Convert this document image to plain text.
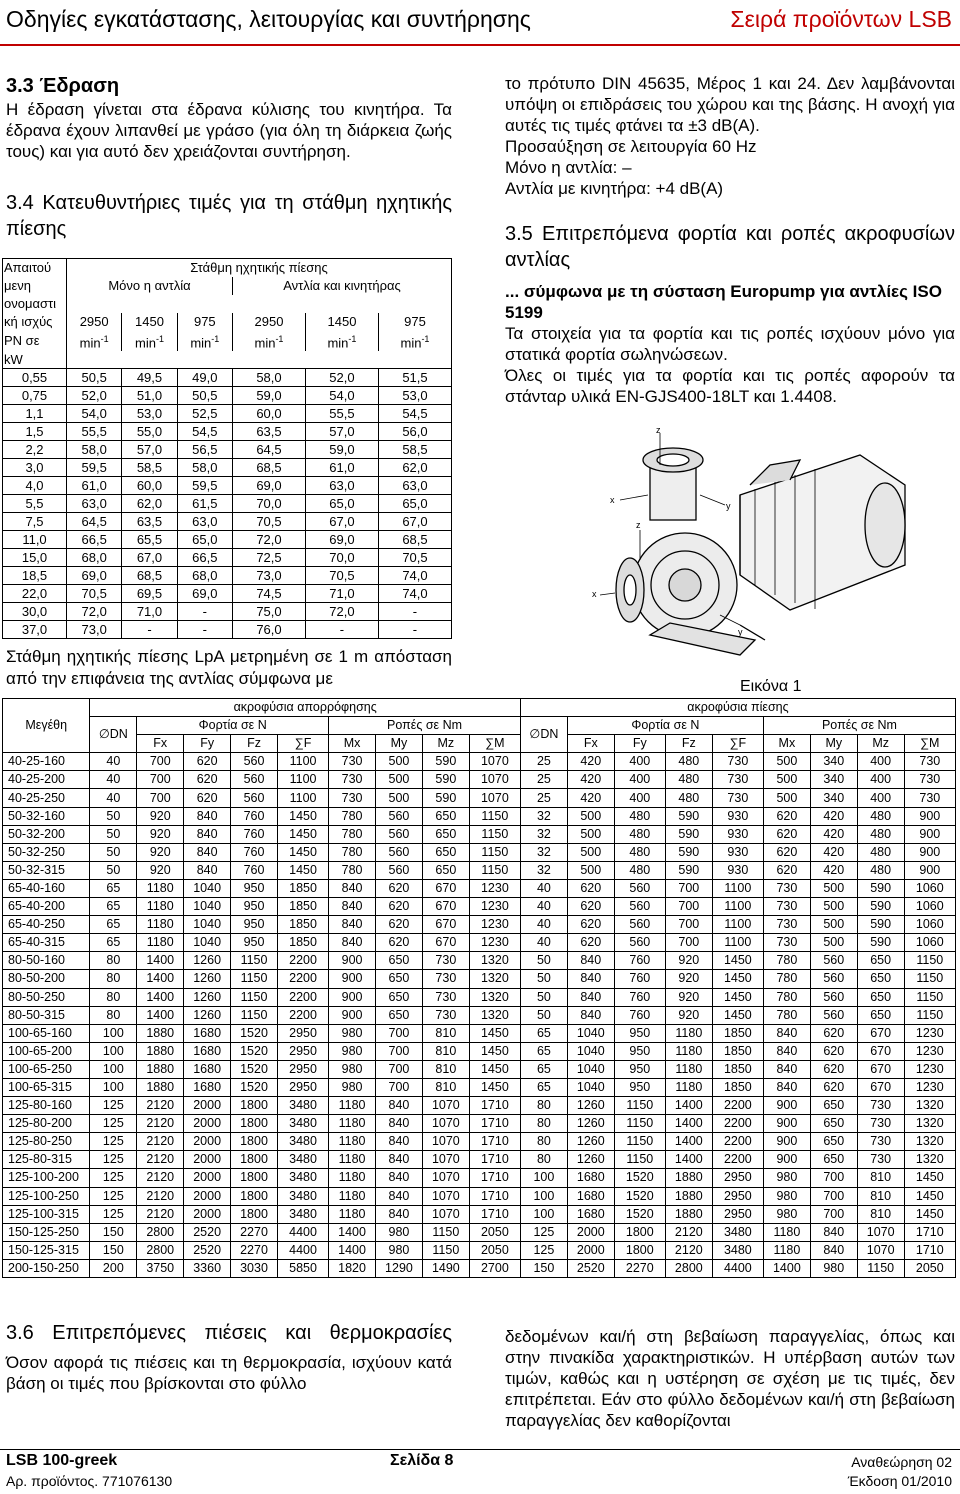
Οδηγίες εγκατάστασης, λειτουργίας και συντήρησης	Σειρά προϊόντων LSB
3.3 Έδραση
Η έδραση γίνεται στα έδρανα κύλισης του κινητήρα. Τα έδρανα έχουν λιπανθεί με γράσο (για όλη τη διάρκεια ζωής τους) και για αυτό δεν χρειάζονται συντήρηση.
3.4 Κατευθυντήριες τιμές για τη στάθμη ηχητικής πίεσης
Απαιτού	Στάθμη ηχητικής πίεσης					
μενη	Μόνο η αντλία			Αντλία και κινητήρας		
ονομαστι						
κή ισχύς	2950	1450	975	2950	1450	975
PN σε	$\min^{-1}$	$\min^{-1}$	$\min^{-1}$	$\min^{-1}$	$\min^{-1}$	$\min^{-1}$
kW						
0,55	50,5	49,5	49,0	58,0	52,0	51,5
0,75	52,0	51,0	50,5	59,0	54,0	53,0
1,1	54,0	53,0	52,5	60,0	55,5	54,5
1,5	55,5	55,0	54,5	63,5	57,0	56,0
2,2	58,0	57,0	56,5	64,5	59,0	58,5
3,0	59,5	58,5	58,0	68,5	61,0	62,0
4,0	61,0	60,0	59,5	69,0	63,0	63,0
5,5	63,0	62,0	61,5	70,0	65,0	65,0
7,5	64,5	63,5	63,0	70,5	67,0	67,0
11,0	66,5	65,5	65,0	72,0	69,0	68,5
15,0	68,0	67,0	66,5	72,5	70,0	70,5
18,5	69,0	68,5	68,0	73,0	70,5	74,0
22,0	70,5	69,5	69,0	74,5	71,0	74,0
30,0	72,0	71,0	-	75,0	72,0	-
37,0	73,0	-	-	76,0	-	-
Στάθμη ηχητικής πίεσης LpA μετρημένη σε 1 m απόσταση από την επιφάνεια της αντλίας σύμφωνα με
το πρότυπο DIN 45635, Μέρος 1 και 24. Δεν λαμβάνονται υπόψη οι επιδράσεις του χώρου και της βάσης. Η ανοχή για αυτές τις τιμές φτάνει τα ±3 dB(A).
Προσαύξηση σε λειτουργία 60 Hz
Μόνο η αντλία: –
Αντλία με κινητήρα: +4 dB(A)
3.5 Επιτρεπόμενα φορτία και ροπές ακροφυσίων αντλίας
... σύμφωνα με τη σύσταση Europump για αντλίες ISO 5199
Τα στοιχεία για τα φορτία και τις ροπές ισχύουν μόνο για στατικά φορτία σωληνώσεων.
Όλες οι τιμές για τα φορτία και τις ροπές αφορούν τα στάνταρ υλικά EN-GJS400-18LT και 1.4408.
z
x
y
z
x
y
Εικόνα 1
Μεγέθη	ακροφύσια απορρόφησης									ακροφύσια πίεσης								
	∅DN	Φορτία σε N				Ροπές σε Nm				∅DN	Φορτία σε N				Ροπές σε Nm			
		Fx	Fy	Fz	∑F	Mx	My	Mz	∑M		Fx	Fy	Fz	∑F	Mx	My	Mz	∑M
40-25-160	40	700	620	560	1100	730	500	590	1070	25	420	400	480	730	500	340	400	730
40-25-200	40	700	620	560	1100	730	500	590	1070	25	420	400	480	730	500	340	400	730
40-25-250	40	700	620	560	1100	730	500	590	1070	25	420	400	480	730	500	340	400	730
50-32-160	50	920	840	760	1450	780	560	650	1150	32	500	480	590	930	620	420	480	900
50-32-200	50	920	840	760	1450	780	560	650	1150	32	500	480	590	930	620	420	480	900
50-32-250	50	920	840	760	1450	780	560	650	1150	32	500	480	590	930	620	420	480	900
50-32-315	50	920	840	760	1450	780	560	650	1150	32	500	480	590	930	620	420	480	900
65-40-160	65	1180	1040	950	1850	840	620	670	1230	40	620	560	700	1100	730	500	590	1060
65-40-200	65	1180	1040	950	1850	840	620	670	1230	40	620	560	700	1100	730	500	590	1060
65-40-250	65	1180	1040	950	1850	840	620	670	1230	40	620	560	700	1100	730	500	590	1060
65-40-315	65	1180	1040	950	1850	840	620	670	1230	40	620	560	700	1100	730	500	590	1060
80-50-160	80	1400	1260	1150	2200	900	650	730	1320	50	840	760	920	1450	780	560	650	1150
80-50-200	80	1400	1260	1150	2200	900	650	730	1320	50	840	760	920	1450	780	560	650	1150
80-50-250	80	1400	1260	1150	2200	900	650	730	1320	50	840	760	920	1450	780	560	650	1150
80-50-315	80	1400	1260	1150	2200	900	650	730	1320	50	840	760	920	1450	780	560	650	1150
100-65-160	100	1880	1680	1520	2950	980	700	810	1450	65	1040	950	1180	1850	840	620	670	1230
100-65-200	100	1880	1680	1520	2950	980	700	810	1450	65	1040	950	1180	1850	840	620	670	1230
100-65-250	100	1880	1680	1520	2950	980	700	810	1450	65	1040	950	1180	1850	840	620	670	1230
100-65-315	100	1880	1680	1520	2950	980	700	810	1450	65	1040	950	1180	1850	840	620	670	1230
125-80-160	125	2120	2000	1800	3480	1180	840	1070	1710	80	1260	1150	1400	2200	900	650	730	1320
125-80-200	125	2120	2000	1800	3480	1180	840	1070	1710	80	1260	1150	1400	2200	900	650	730	1320
125-80-250	125	2120	2000	1800	3480	1180	840	1070	1710	80	1260	1150	1400	2200	900	650	730	1320
125-80-315	125	2120	2000	1800	3480	1180	840	1070	1710	80	1260	1150	1400	2200	900	650	730	1320
125-100-200	125	2120	2000	1800	3480	1180	840	1070	1710	100	1680	1520	1880	2950	980	700	810	1450
125-100-250	125	2120	2000	1800	3480	1180	840	1070	1710	100	1680	1520	1880	2950	980	700	810	1450
125-100-315	125	2120	2000	1800	3480	1180	840	1070	1710	100	1680	1520	1880	2950	980	700	810	1450
150-125-250	150	2800	2520	2270	4400	1400	980	1150	2050	125	2000	1800	2120	3480	1180	840	1070	1710
150-125-315	150	2800	2520	2270	4400	1400	980	1150	2050	125	2000	1800	2120	3480	1180	840	1070	1710
200-150-250	200	3750	3360	3030	5850	1820	1290	1490	2700	150	2520	2270	2800	4400	1400	980	1150	2050
3.6 Επιτρεπόμενες πιέσεις και θερμοκρασίες
Όσον αφορά τις πιέσεις και τη θερμοκρασία, ισχύουν κατά βάση οι τιμές που βρίσκονται στο φύλλο
δεδομένων και/ή στη βεβαίωση παραγγελίας, όπως και στην πινακίδα χαρακτηριστικών. Η υπέρβαση αυτών των τιμών, καθώς και η υστέρηση σε σχέση με τις τιμές, δεν επιτρέπεται. Εάν στο φύλλο δεδομένων και/ή στη βεβαίωση παραγγελίας δεν καθορίζονται
LSB 100-greek	Σελίδα 8	Αναθεώρηση 02
Αρ. προϊόντος. 771076130	Έκδοση 01/2010
